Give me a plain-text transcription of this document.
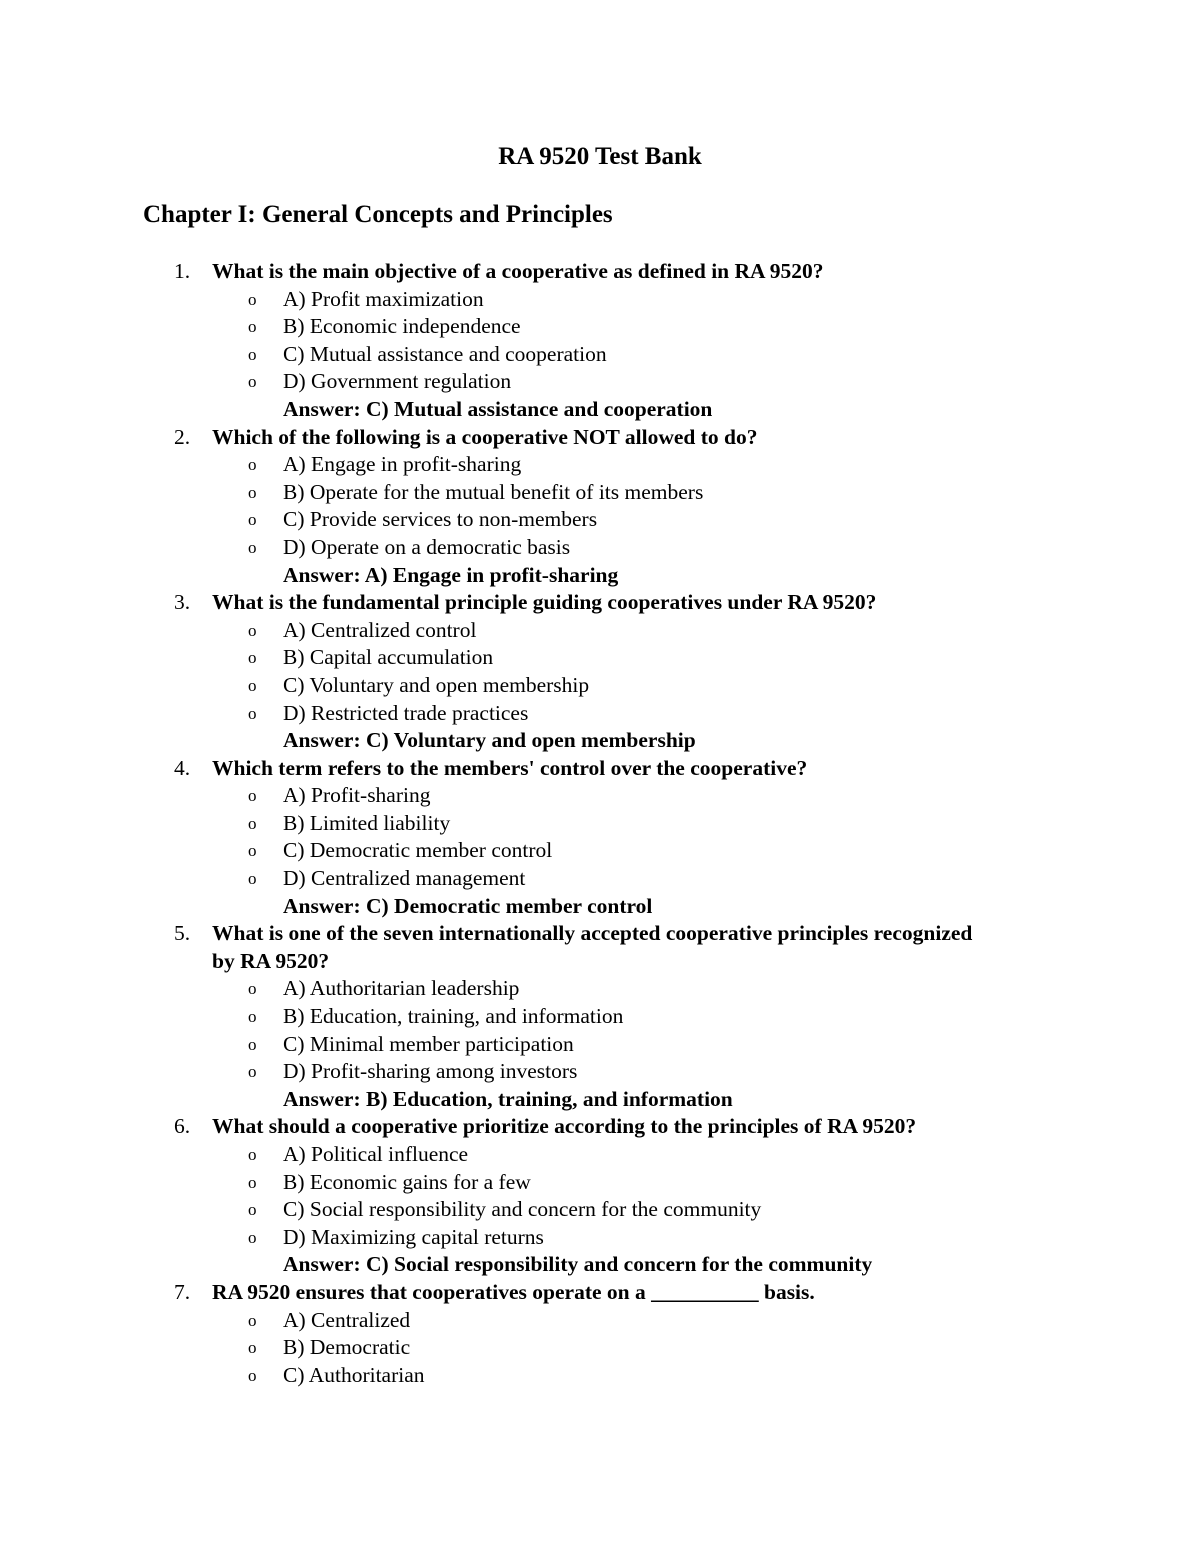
RA 9520 Test Bank
Chapter I: General Concepts and Principles
1. What is the main objective of a cooperative as defined in RA 9520?
o A) Profit maximization
o B) Economic independence
o C) Mutual assistance and cooperation
o D) Government regulation
Answer: C) Mutual assistance and cooperation
2. Which of the following is a cooperative NOT allowed to do?
o A) Engage in profit-sharing
o B) Operate for the mutual benefit of its members
o C) Provide services to non-members
o D) Operate on a democratic basis
Answer: A) Engage in profit-sharing
3. What is the fundamental principle guiding cooperatives under RA 9520?
o A) Centralized control
o B) Capital accumulation
o C) Voluntary and open membership
o D) Restricted trade practices
Answer: C) Voluntary and open membership
4. Which term refers to the members' control over the cooperative?
o A) Profit-sharing
o B) Limited liability
o C) Democratic member control
o D) Centralized management
Answer: C) Democratic member control
5. What is one of the seven internationally accepted cooperative principles recognized
by RA 9520?
o A) Authoritarian leadership
o B) Education, training, and information
o C) Minimal member participation
o D) Profit-sharing among investors
Answer: B) Education, training, and information
6. What should a cooperative prioritize according to the principles of RA 9520?
o A) Political influence
o B) Economic gains for a few
o C) Social responsibility and concern for the community
o D) Maximizing capital returns
Answer: C) Social responsibility and concern for the community
7. RA 9520 ensures that cooperatives operate on a __________ basis.
o A) Centralized
o B) Democratic
o C) Authoritarian
